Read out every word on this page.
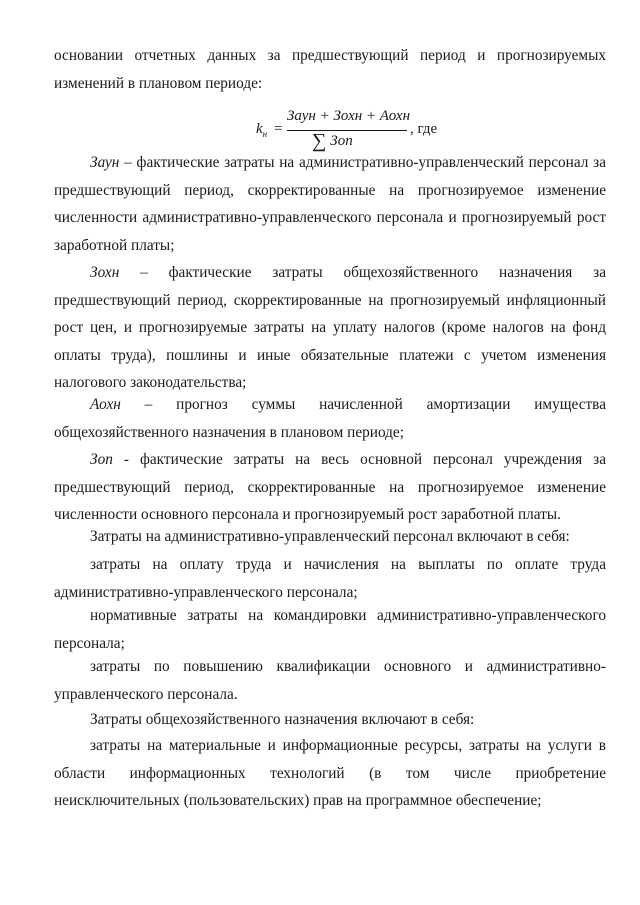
основании отчетных данных за предшествующий период и прогнозируемых изменений в плановом периоде:

$k_н$ =
Заун + Зохн + Аохн
∑ Зоп
, где

Заун – фактические затраты на административно-управленческий персонал за предшествующий период, скорректированные на прогнозируемое изменение численности административно-управленческого персонала и прогнозируемый рост заработной платы;

Зохн – фактические затраты общехозяйственного назначения за предшествующий период, скорректированные на прогнозируемый инфляционный рост цен, и прогнозируемые затраты на уплату налогов (кроме налогов на фонд оплаты труда), пошлины и иные обязательные платежи с учетом изменения налогового законодательства;

Аохн – прогноз суммы начисленной амортизации имущества общехозяйственного назначения в плановом периоде;

Зоп - фактические затраты на весь основной персонал учреждения за предшествующий период, скорректированные на прогнозируемое изменение численности основного персонала и прогнозируемый рост заработной платы.

Затраты на административно-управленческий персонал включают в себя:

затраты на оплату труда и начисления на выплаты по оплате труда административно-управленческого персонала;

нормативные затраты на командировки административно-управленческого персонала;

затраты по повышению квалификации основного и административно-управленческого персонала.

Затраты общехозяйственного назначения включают в себя:

затраты на материальные и информационные ресурсы, затраты на услуги в области информационных технологий (в том числе приобретение неисключительных (пользовательских) прав на программное обеспечение;
